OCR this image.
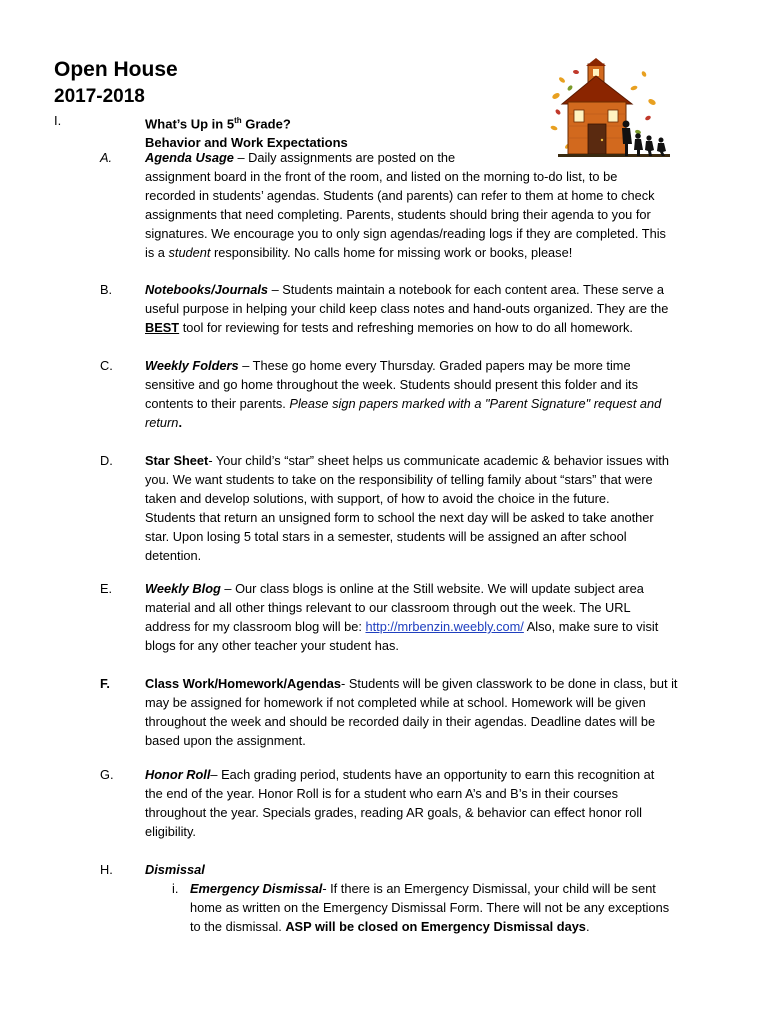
Open House
2017-2018
I.	What’s Up in 5th Grade?
Behavior and Work Expectations
A.	Agenda Usage – Daily assignments are posted on the
assignment board in the front of the room, and listed on the morning to-do list, to be
recorded in students’ agendas. Students (and parents) can refer to them at home to check
assignments that need completing. Parents, students should bring their agenda to you for
signatures. We encourage you to only sign agendas/reading logs if they are completed. This
is a student responsibility. No calls home for missing work or books, please!
B.	Notebooks/Journals – Students maintain a notebook for each content area. These serve a
useful purpose in helping your child keep class notes and hand-outs organized. They are the
BEST tool for reviewing for tests and refreshing memories on how to do all homework.
C.	Weekly Folders – These go home every Thursday. Graded papers may be more time
sensitive and go home throughout the week. Students should present this folder and its
contents to their parents. Please sign papers marked with a "Parent Signature" request and
return.
D.	Star Sheet- Your child’s “star” sheet helps us communicate academic & behavior issues with
you. We want students to take on the responsibility of telling family about “stars” that were
taken and develop solutions, with support, of how to avoid the choice in the future.
Students that return an unsigned form to school the next day will be asked to take another
star. Upon losing 5 total stars in a semester, students will be assigned an after school
detention.
E.	Weekly Blog – Our class blogs is online at the Still website. We will update subject area
material and all other things relevant to our classroom through out the week. The URL
address for my classroom blog will be: http://mrbenzin.weebly.com/ Also, make sure to visit
blogs for any other teacher your student has.
F.	Class Work/Homework/Agendas- Students will be given classwork to be done in class, but it
may be assigned for homework if not completed while at school. Homework will be given
throughout the week and should be recorded daily in their agendas. Deadline dates will be
based upon the assignment.
G. Honor Roll– Each grading period, students have an opportunity to earn this recognition at
the end of the year. Honor Roll is for a student who earn A’s and B’s in their courses
throughout the year. Specials grades, reading AR goals, & behavior can effect honor roll
eligibility.
H.	Dismissal
i. Emergency Dismissal- If there is an Emergency Dismissal, your child will be sent
home as written on the Emergency Dismissal Form. There will not be any exceptions
to the dismissal. ASP will be closed on Emergency Dismissal days.
